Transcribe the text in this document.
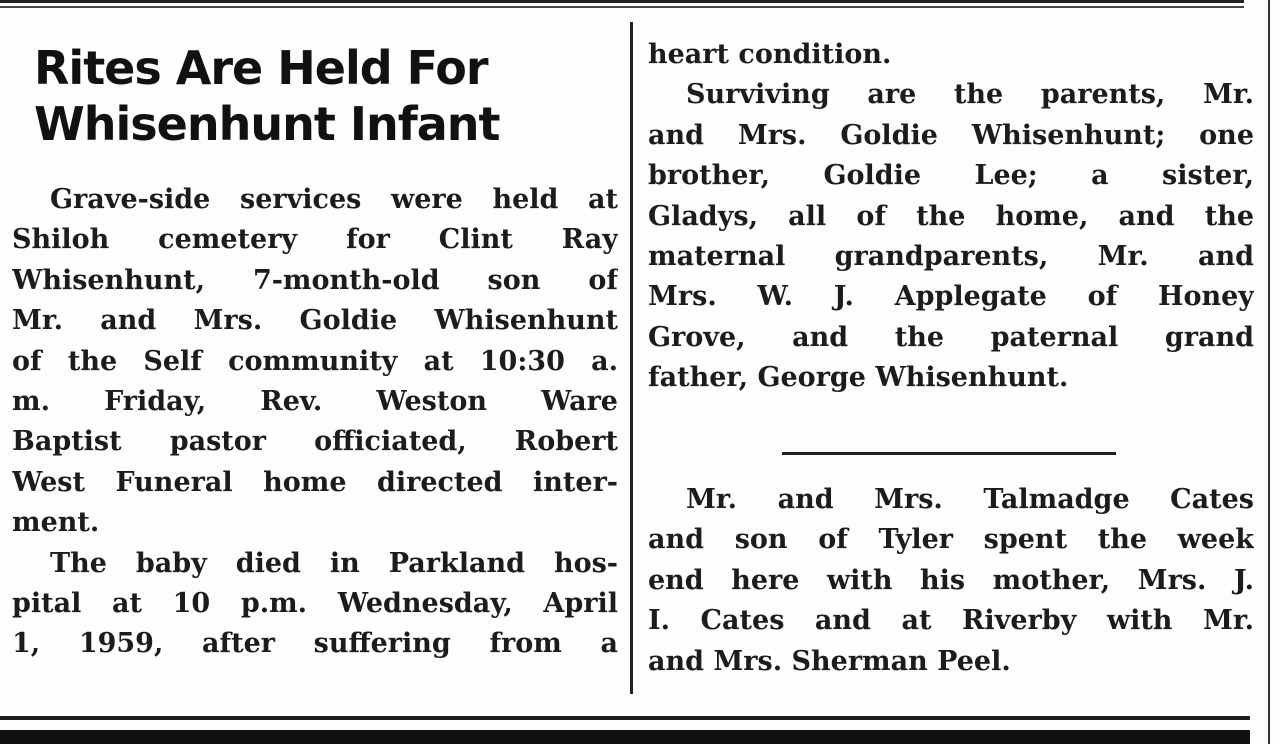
Rites Are Held For
Whisenhunt Infant
Grave-side services were held at
Shiloh cemetery for Clint Ray
Whisenhunt, 7-month-old son of
Mr. and Mrs. Goldie Whisenhunt
of the Self community at 10:30 a.
m. Friday, Rev. Weston Ware
Baptist pastor officiated, Robert
West Funeral home directed inter-
ment.
The baby died in Parkland hos-
pital at 10 p.m. Wednesday, April
1, 1959, after suffering from a
heart condition.
Surviving are the parents, Mr.
and Mrs. Goldie Whisenhunt; one
brother, Goldie Lee; a sister,
Gladys, all of the home, and the
maternal grandparents, Mr. and
Mrs. W. J. Applegate of Honey
Grove, and the paternal grand
father, George Whisenhunt.
Mr. and Mrs. Talmadge Cates
and son of Tyler spent the week
end here with his mother, Mrs. J.
I. Cates and at Riverby with Mr.
and Mrs. Sherman Peel.
